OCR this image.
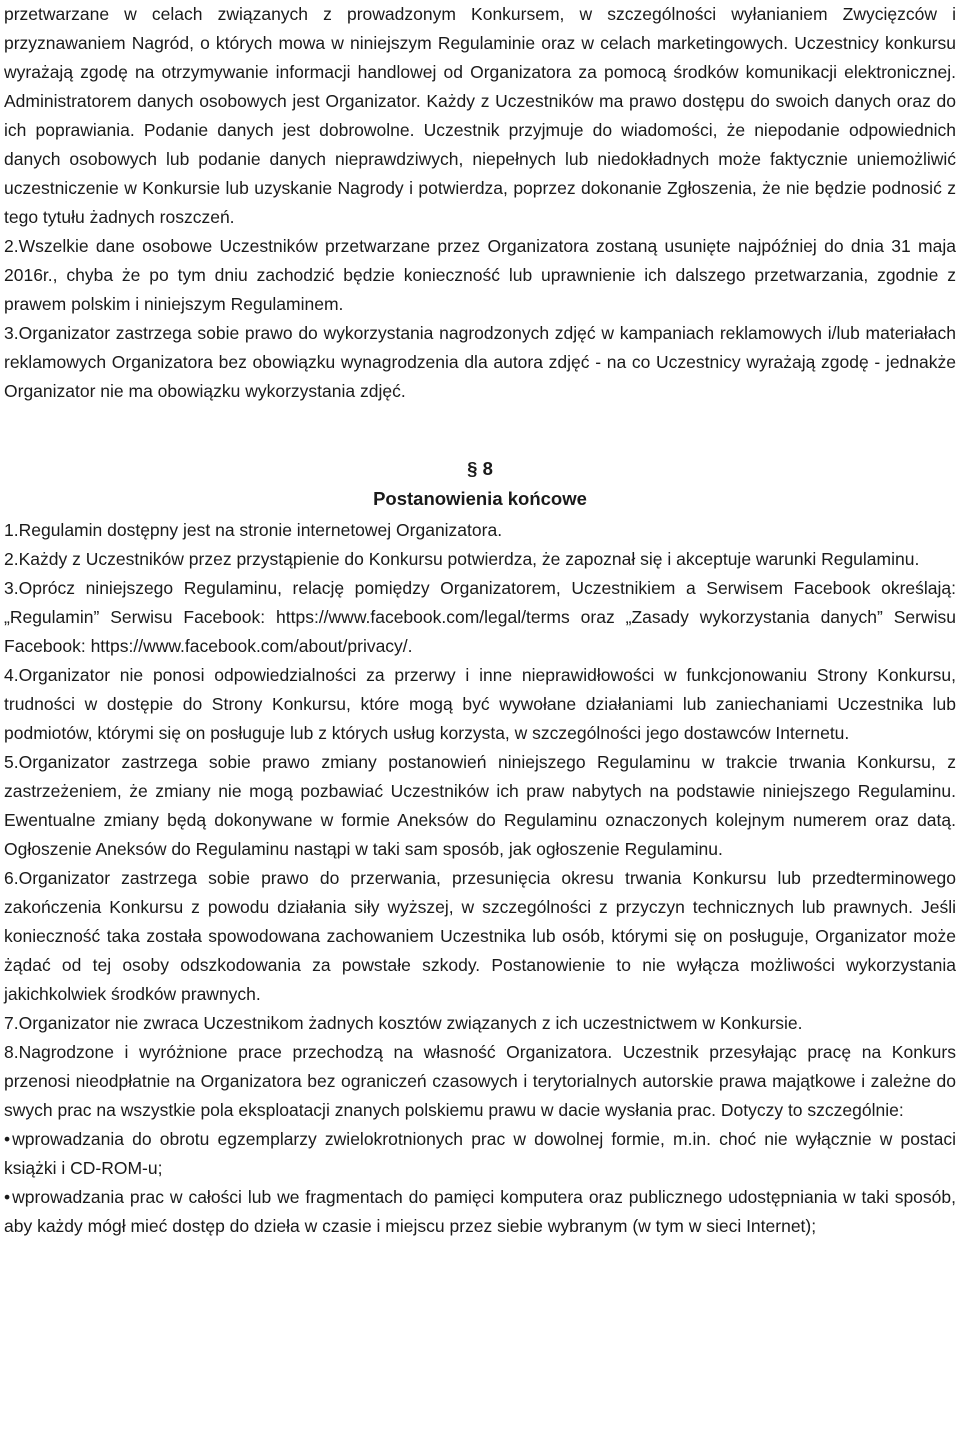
przetwarzane w celach związanych z prowadzonym Konkursem, w szczególności wyłanianiem Zwycięzców i przyznawaniem Nagród, o których mowa w niniejszym Regulaminie oraz w celach marketingowych. Uczestnicy konkursu wyrażają zgodę na otrzymywanie informacji handlowej od Organizatora za pomocą środków komunikacji elektronicznej. Administratorem danych osobowych jest Organizator. Każdy z Uczestników ma prawo dostępu do swoich danych oraz do ich poprawiania. Podanie danych jest dobrowolne. Uczestnik przyjmuje do wiadomości, że niepodanie odpowiednich danych osobowych lub podanie danych nieprawdziwych, niepełnych lub niedokładnych może faktycznie uniemożliwić uczestniczenie w Konkursie lub uzyskanie Nagrody i potwierdza, poprzez dokonanie Zgłoszenia, że nie będzie podnosić z tego tytułu żadnych roszczeń.

2.Wszelkie dane osobowe Uczestników przetwarzane przez Organizatora zostaną usunięte najpóźniej do dnia 31 maja 2016r., chyba że po tym dniu zachodzić będzie konieczność lub uprawnienie ich dalszego przetwarzania, zgodnie z prawem polskim i niniejszym Regulaminem.

3.Organizator zastrzega sobie prawo do wykorzystania nagrodzonych zdjęć w kampaniach reklamowych i/lub materiałach reklamowych Organizatora bez obowiązku wynagrodzenia dla autora zdjęć - na co Uczestnicy wyrażają zgodę - jednakże Organizator nie ma obowiązku wykorzystania zdjęć.

§ 8
Postanowienia końcowe

1.Regulamin dostępny jest na stronie internetowej Organizatora.

2.Każdy z Uczestników przez przystąpienie do Konkursu potwierdza, że zapoznał się i akceptuje warunki Regulaminu.

3.Oprócz niniejszego Regulaminu, relację pomiędzy Organizatorem, Uczestnikiem a Serwisem Facebook określają: „Regulamin” Serwisu Facebook: https://www.facebook.com/legal/terms oraz „Zasady wykorzystania danych” Serwisu Facebook: https://www.facebook.com/about/privacy/.

4.Organizator nie ponosi odpowiedzialności za przerwy i inne nieprawidłowości w funkcjonowaniu Strony Konkursu, trudności w dostępie do Strony Konkursu, które mogą być wywołane działaniami lub zaniechaniami Uczestnika lub podmiotów, którymi się on posługuje lub z których usług korzysta, w szczególności jego dostawców Internetu.

5.Organizator zastrzega sobie prawo zmiany postanowień niniejszego Regulaminu w trakcie trwania Konkursu, z zastrzeżeniem, że zmiany nie mogą pozbawiać Uczestników ich praw nabytych na podstawie niniejszego Regulaminu. Ewentualne zmiany będą dokonywane w formie Aneksów do Regulaminu oznaczonych kolejnym numerem oraz datą. Ogłoszenie Aneksów do Regulaminu nastąpi w taki sam sposób, jak ogłoszenie Regulaminu.

6.Organizator zastrzega sobie prawo do przerwania, przesunięcia okresu trwania Konkursu lub przedterminowego zakończenia Konkursu z powodu działania siły wyższej, w szczególności z przyczyn technicznych lub prawnych. Jeśli konieczność taka została spowodowana zachowaniem Uczestnika lub osób, którymi się on posługuje, Organizator może żądać od tej osoby odszkodowania za powstałe szkody. Postanowienie to nie wyłącza możliwości wykorzystania jakichkolwiek środków prawnych.

7.Organizator nie zwraca Uczestnikom żadnych kosztów związanych z ich uczestnictwem w Konkursie.

8.Nagrodzone i wyróżnione prace przechodzą na własność Organizatora. Uczestnik przesyłając pracę na Konkurs przenosi nieodpłatnie na Organizatora bez ograniczeń czasowych i terytorialnych autorskie prawa majątkowe i zależne do swych prac na wszystkie pola eksploatacji znanych polskiemu prawu w dacie wysłania prac. Dotyczy to szczególnie:

• wprowadzania do obrotu egzemplarzy zwielokrotnionych prac w dowolnej formie, m.in. choć nie wyłącznie w postaci książki i CD-ROM-u;

• wprowadzania prac w całości lub we fragmentach do pamięci komputera oraz publicznego udostępniania w taki sposób, aby każdy mógł mieć dostęp do dzieła w czasie i miejscu przez siebie wybranym (w tym w sieci Internet);
